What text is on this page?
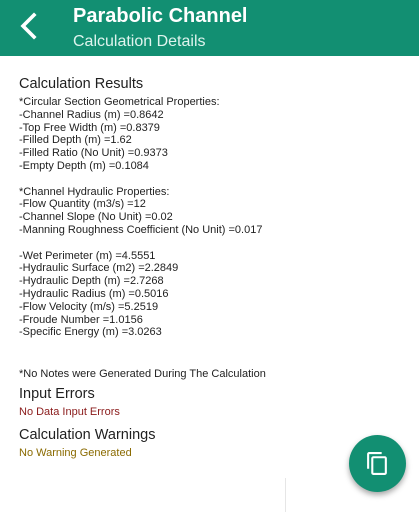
Parabolic Channel
Calculation Details
Calculation Results
*Circular Section Geometrical Properties:
-Channel Radius (m) =0.8642
-Top Free Width (m) =0.8379
-Filled Depth (m) =1.62
-Filled Ratio (No Unit) =0.9373
-Empty Depth (m) =0.1084
*Channel Hydraulic Properties:
-Flow Quantity (m3/s) =12
-Channel Slope (No Unit) =0.02
-Manning Roughness Coefficient (No Unit) =0.017
-Wet Perimeter (m) =4.5551
-Hydraulic Surface (m2) =2.2849
-Hydraulic Depth (m) =2.7268
-Hydraulic Radius (m) =0.5016
-Flow Velocity (m/s) =5.2519
-Froude Number =1.0156
-Specific Energy (m) =3.0263
*No Notes were Generated During The Calculation
Input Errors
No Data Input Errors
Calculation Warnings
No Warning Generated
